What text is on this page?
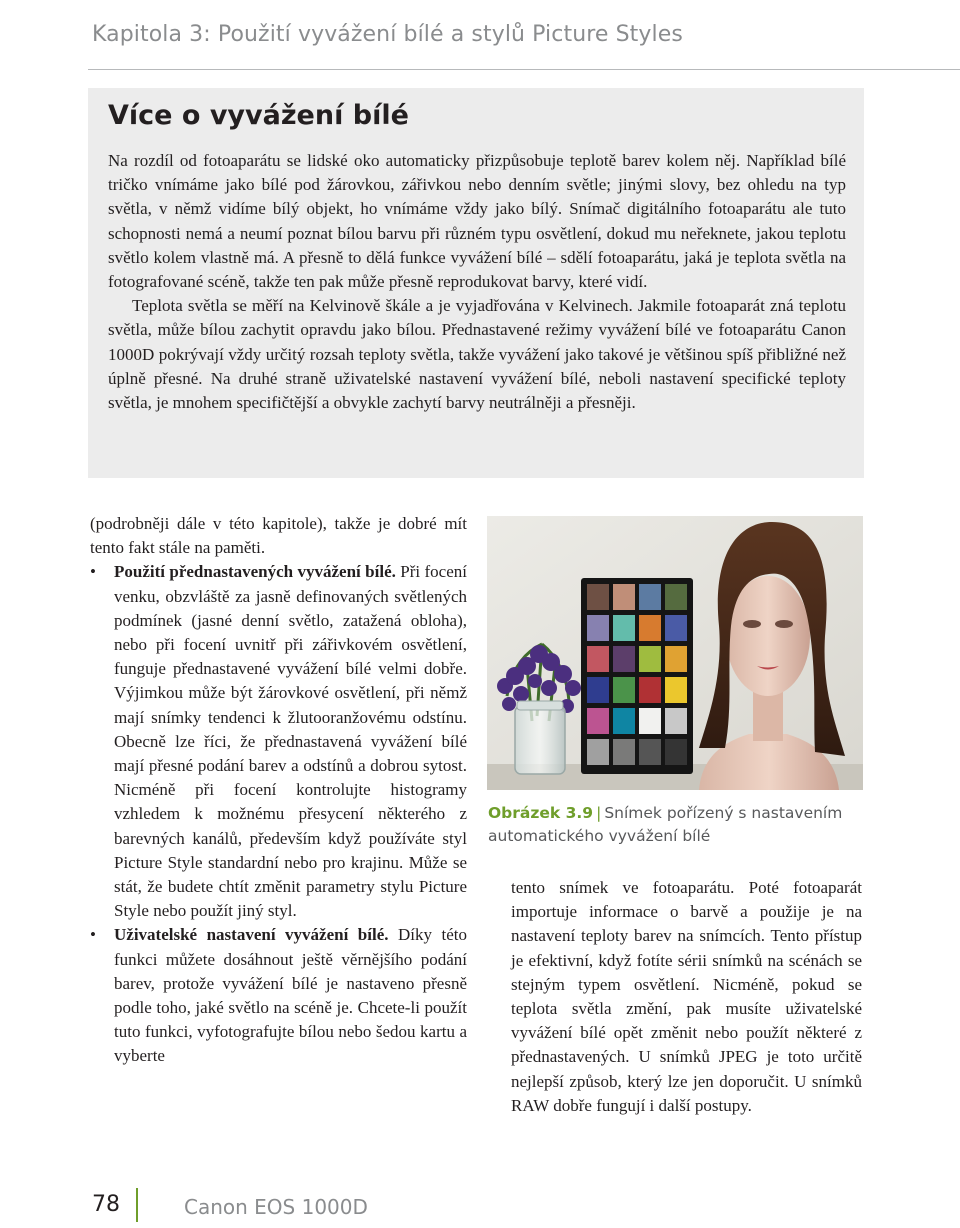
Kapitola 3: Použití vyvážení bílé a stylů Picture Styles
Více o vyvážení bílé

Na rozdíl od fotoaparátu se lidské oko automaticky přizpůsobuje teplotě barev kolem něj. Například bílé tričko vnímáme jako bílé pod žárovkou, zářivkou nebo denním světle; jinými slovy, bez ohledu na typ světla, v němž vidíme bílý objekt, ho vnímáme vždy jako bílý. Snímač digitálního fotoaparátu ale tuto schopnosti nemá a neumí poznat bílou barvu při různém typu osvětlení, dokud mu neřeknete, jakou teplotu světlo kolem vlastně má. A přesně to dělá funkce vyvážení bílé – sdělí fotoaparátu, jaká je teplota světla na fotografované scéně, takže ten pak může přesně reprodukovat barvy, které vidí.

Teplota světla se měří na Kelvinově škále a je vyjadřována v Kelvinech. Jakmile fotoaparát zná teplotu světla, může bílou zachytit opravdu jako bílou. Přednastavené režimy vyvážení bílé ve fotoaparátu Canon 1000D pokrývají vždy určitý rozsah teploty světla, takže vyvážení jako takové je většinou spíš přibližné než úplně přesné. Na druhé straně uživatelské nastavení vyvážení bílé, neboli nastavení specifické teploty světla, je mnohem specifičtější a obvykle zachytí barvy neutrálněji a přesněji.

(podrobněji dále v této kapitole), takže je dobré mít tento fakt stále na paměti.

• Použití přednastavených vyvážení bílé. Při focení venku, obzvláště za jasně definovaných světlených podmínek (jasné denní světlo, zatažená obloha), nebo při focení uvnitř při zářivkovém osvětlení, funguje přednastavené vyvážení bílé velmi dobře. Výjimkou může být žárovkové osvětlení, při němž mají snímky tendenci k žlutooranžovému odstínu. Obecně lze říci, že přednastavená vyvážení bílé mají přesné podání barev a odstínů a dobrou sytost. Nicméně při focení kontrolujte histogramy vzhledem k možnému přesycení některého z barevných kanálů, především když používáte styl Picture Style standardní nebo pro krajinu. Může se stát, že budete chtít změnit parametry stylu Picture Style nebo použít jiný styl.
• Uživatelské nastavení vyvážení bílé. Díky této funkci můžete dosáhnout ještě věrnějšího podání barev, protože vyvážení bílé je nastaveno přesně podle toho, jaké světlo na scéně je. Chcete-li použít tuto funkci, vyfotografujte bílou nebo šedou kartu a vyberte
Obrázek 3.9 | Snímek pořízený s nastavením automatického vyvážení bílé

tento snímek ve fotoaparátu. Poté fotoaparát importuje informace o barvě a použije je na nastavení teploty barev na snímcích. Tento přístup je efektivní, když fotíte sérii snímků na scénách se stejným typem osvětlení. Nicméně, pokud se teplota světla změní, pak musíte uživatelské vyvážení bílé opět změnit nebo použít některé z přednastavených. U snímků JPEG je toto určitě nejlepší způsob, který lze jen doporučit. U snímků RAW dobře fungují i další postupy.

78	Canon EOS 1000D
